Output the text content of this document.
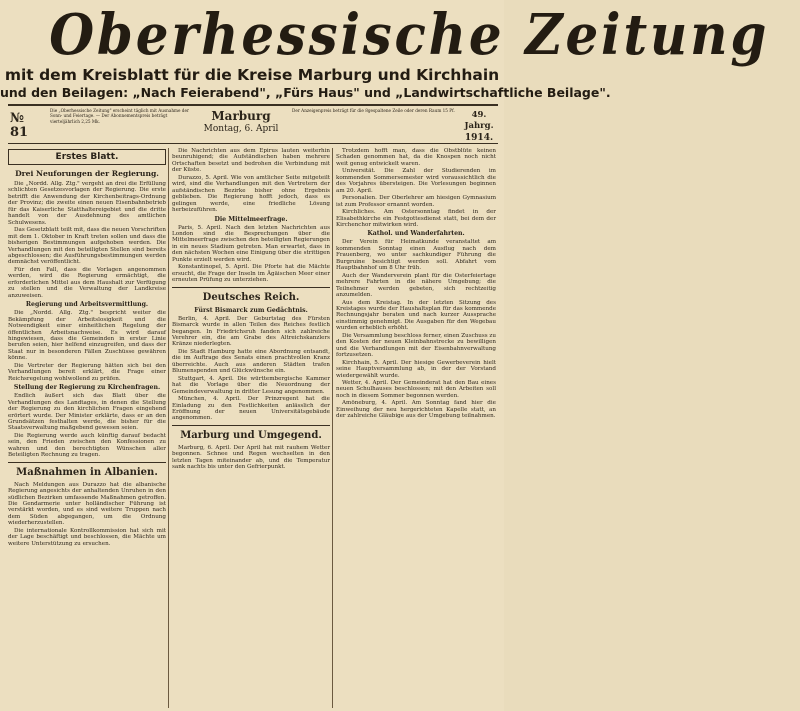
Oberhessische Zeitung
mit dem Kreisblatt für die Kreise Marburg und Kirchhain
und den Beilagen: „Nach Feierabend", „Fürs Haus" und „Landwirtschaftliche Beilage".
№ 81
Die „Oberhessische Zeitung" erscheint täglich mit Ausnahme der Sonn- und Feiertage. — Der Abonnementspreis beträgt vierteljährlich 2,25 Mk.	Marburg
Montag, 6. April
Der Anzeigenpreis beträgt für die 8gespaltene Zeile oder deren Raum 15 Pf.	49. Jahrg.
1914.
Erstes Blatt.
Drei Neuforungen der Regierung.

Die „Nordd. Allg. Ztg." vergeht an drei die Erfüllung schlichten Gesetzesvorlagen der Regierung. Die erste betrifft die Anwendung der Kirchenbeitrags-Ordnung der Provinz; die zweite einen neuen Eisenbahnbetrieb für das Kaiserliche Statthaltereigebiet und die dritte handelt von der Ausdehnung des amtlichen Schulwesens.

Das Gesetzblatt teilt mit, dass die neuen Vorschriften mit dem 1. Oktober in Kraft treten sollen und dass die bisherigen Bestimmungen aufgehoben werden. Die Verhandlungen mit den beteiligten Stellen sind bereits abgeschlossen; die Ausführungsbestimmungen werden demnächst veröffentlicht.

Für den Fall, dass die Vorlagen angenommen werden, wird die Regierung ermächtigt, die erforderlichen Mittel aus dem Haushalt zur Verfügung zu stellen und die Verwaltung der Landkreise anzuweisen.

Regierung und Arbeitsvermittlung.

Die „Nordd. Allg. Ztg." bespricht weiter die Bekämpfung der Arbeitslosigkeit und die Notwendigkeit einer einheitlichen Regelung der öffentlichen Arbeitsnachweise. Es wird darauf hingewiesen, dass die Gemeinden in erster Linie berufen seien, hier helfend einzugreifen, und dass der Staat nur in besonderen Fällen Zuschüsse gewähren könne.

Die Vertreter der Regierung hätten sich bei den Verhandlungen bereit erklärt, die Frage einer Reichsregelung wohlwollend zu prüfen.

Stellung der Regierung zu Kirchenfragen.

Endlich äußert sich das Blatt über die Verhandlungen des Landtages, in denen die Stellung der Regierung zu den kirchlichen Fragen eingehend erörtert wurde. Der Minister erklärte, dass er an den Grundsätzen festhalten werde, die bisher für die Staatsverwaltung maßgebend gewesen seien.

Die Regierung werde auch künftig darauf bedacht sein, den Frieden zwischen den Konfessionen zu wahren und den berechtigten Wünschen aller Beteiligten Rechnung zu tragen.

Maßnahmen in Albanien.

Nach Meldungen aus Durazzo hat die albanische Regierung angesichts der anhaltenden Unruhen in den südlichen Bezirken umfassende Maßnahmen getroffen. Die Gendarmerie unter holländischer Führung ist verstärkt worden, und es sind weitere Truppen nach dem Süden abgegangen, um die Ordnung wiederherzustellen.

Die internationale Kontrollkommission hat sich mit der Lage beschäftigt und beschlossen, die Mächte um weitere Unterstützung zu ersuchen.

Die Nachrichten aus dem Epirus lauten weiterhin beunruhigend; die Aufständischen haben mehrere Ortschaften besetzt und bedrohen die Verbindung mit der Küste.

Durazzo, 5. April. Wie von amtlicher Seite mitgeteilt wird, sind die Verhandlungen mit den Vertretern der aufständischen Bezirke bisher ohne Ergebnis geblieben. Die Regierung hofft jedoch, dass es gelingen werde, eine friedliche Lösung herbeizuführen.

Die Mittelmeerfrage.

Paris, 5. April. Nach den letzten Nachrichten aus London sind die Besprechungen über die Mittelmeerfrage zwischen den beteiligten Regierungen in ein neues Stadium getreten. Man erwartet, dass in den nächsten Wochen eine Einigung über die strittigen Punkte erzielt werden wird.

Konstantinopel, 5. April. Die Pforte hat die Mächte ersucht, die Frage der Inseln im Ägäischen Meer einer erneuten Prüfung zu unterziehen.

Deutsches Reich.
Fürst Bismarck zum Gedächtnis.

Berlin, 4. April. Der Geburtstag des Fürsten Bismarck wurde in allen Teilen des Reiches festlich begangen. In Friedrichsruh fanden sich zahlreiche Verehrer ein, die am Grabe des Altreichskanzlers Kränze niederlegten.

Die Stadt Hamburg hatte eine Abordnung entsandt, die im Auftrage des Senats einen prachtvollen Kranz überreichte. Auch aus anderen Städten trafen Blumenspenden und Glückwünsche ein.

Stuttgart, 4. April. Die württembergische Kammer hat die Vorlage über die Neuordnung der Gemeindeverwaltung in dritter Lesung angenommen.

München, 4. April. Der Prinzregent hat die Einladung zu den Festlichkeiten anlässlich der Eröffnung der neuen Universitätsgebäude angenommen.

Marburg und Umgegend.

Marburg, 6. April. Der April hat mit rauhem Wetter begonnen. Schnee und Regen wechselten in den letzten Tagen miteinander ab, und die Temperatur sank nachts bis unter den Gefrierpunkt.

Trotzdem hofft man, dass die Obstblüte keinen Schaden genommen hat, da die Knospen noch nicht weit genug entwickelt waren.

Universität. Die Zahl der Studierenden im kommenden Sommersemester wird voraussichtlich die des Vorjahres übersteigen. Die Vorlesungen beginnen am 20. April.

Personalien. Der Oberlehrer am hiesigen Gymnasium ist zum Professor ernannt worden.

Kirchliches. Am Ostersonntag findet in der Elisabethkirche ein Festgottesdienst statt, bei dem der Kirchenchor mitwirken wird.

Kathol. und Wanderfahrten.

Der Verein für Heimatkunde veranstaltet am kommenden Sonntag einen Ausflug nach dem Frauenberg, wo unter sachkundiger Führung die Burgruine besichtigt werden soll. Abfahrt vom Hauptbahnhof um 8 Uhr früh.

Auch der Wanderverein plant für die Osterfeiertage mehrere Fahrten in die nähere Umgebung; die Teilnehmer werden gebeten, sich rechtzeitig anzumelden.

Aus dem Kreistag. In der letzten Sitzung des Kreistages wurde der Haushaltsplan für das kommende Rechnungsjahr beraten und nach kurzer Aussprache einstimmig genehmigt. Die Ausgaben für den Wegebau wurden erheblich erhöht.

Die Versammlung beschloss ferner, einen Zuschuss zu den Kosten der neuen Kleinbahnstrecke zu bewilligen und die Verhandlungen mit der Eisenbahnverwaltung fortzusetzen.

Kirchhain, 5. April. Der hiesige Gewerbeverein hielt seine Hauptversammlung ab, in der der Vorstand wiedergewählt wurde.

Wetter, 4. April. Der Gemeinderat hat den Bau eines neuen Schulhauses beschlossen; mit den Arbeiten soll noch in diesem Sommer begonnen werden.

Amöneburg, 4. April. Am Sonntag fand hier die Einweihung der neu hergerichteten Kapelle statt, an der zahlreiche Gläubige aus der Umgebung teilnahmen.
